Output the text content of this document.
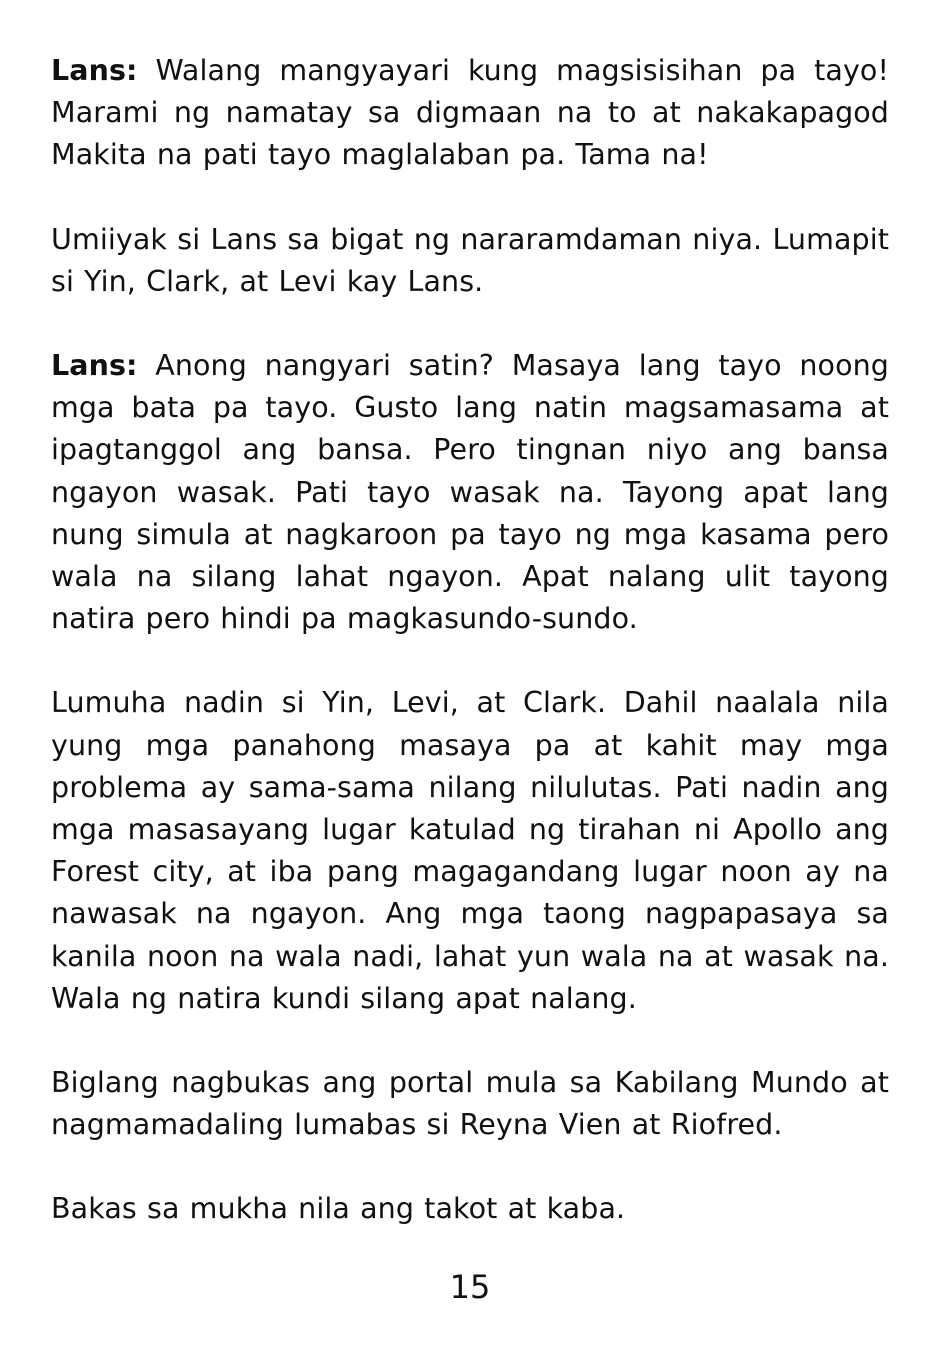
Lans: Walang mangyayari kung magsisisihan pa tayo! Marami ng namatay sa digmaan na to at nakakapagod Makita na pati tayo maglalaban pa. Tama na!

Umiiyak si Lans sa bigat ng nararamdaman niya. Lumapit si Yin, Clark, at Levi kay Lans.

Lans: Anong nangyari satin? Masaya lang tayo noong mga bata pa tayo. Gusto lang natin magsamasama at ipagtanggol ang bansa. Pero tingnan niyo ang bansa ngayon wasak. Pati tayo wasak na. Tayong apat lang nung simula at nagkaroon pa tayo ng mga kasama pero wala na silang lahat ngayon. Apat nalang ulit tayong natira pero hindi pa magkasundo-sundo.

Lumuha nadin si Yin, Levi, at Clark. Dahil naalala nila yung mga panahong masaya pa at kahit may mga problema ay sama-sama nilang nilulutas. Pati nadin ang mga masasayang lugar katulad ng tirahan ni Apollo ang Forest city, at iba pang magagandang lugar noon ay na nawasak na ngayon. Ang mga taong nagpapasaya sa kanila noon na wala nadi, lahat yun wala na at wasak na. Wala ng natira kundi silang apat nalang.

Biglang nagbukas ang portal mula sa Kabilang Mundo at nagmamadaling lumabas si Reyna Vien at Riofred.

Bakas sa mukha nila ang takot at kaba.

15
